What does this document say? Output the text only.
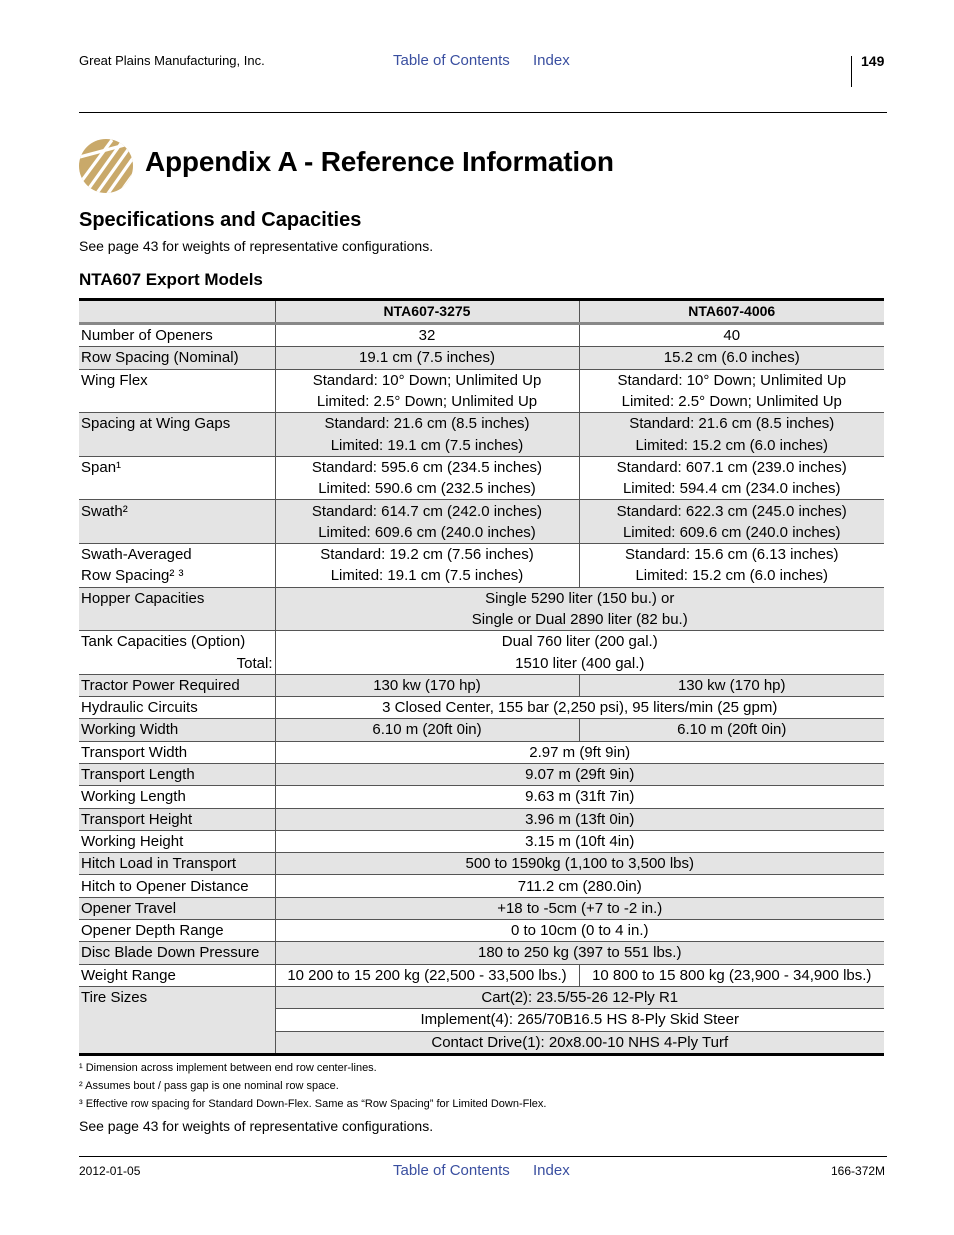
Great Plains Manufacturing, Inc.	Table of Contents Index	149
Appendix A - Reference Information
Specifications and Capacities
See page 43 for weights of representative configurations.
NTA607 Export Models
	NTA607-3275	NTA607-4006
Number of Openers	32	40
Row Spacing (Nominal)	19.1 cm (7.5 inches)	15.2 cm (6.0 inches)
Wing Flex	Standard: 10° Down; Unlimited Up	Standard: 10° Down; Unlimited Up
	Limited: 2.5° Down; Unlimited Up	Limited: 2.5° Down; Unlimited Up
Spacing at Wing Gaps	Standard: 21.6 cm (8.5 inches)	Standard: 21.6 cm (8.5 inches)
	Limited: 19.1 cm (7.5 inches)	Limited: 15.2 cm (6.0 inches)
Span¹	Standard: 595.6 cm (234.5 inches)	Standard: 607.1 cm (239.0 inches)
	Limited: 590.6 cm (232.5 inches)	Limited: 594.4 cm (234.0 inches)
Swath²	Standard: 614.7 cm (242.0 inches)	Standard: 622.3 cm (245.0 inches)
	Limited: 609.6 cm (240.0 inches)	Limited: 609.6 cm (240.0 inches)
Swath-Averaged	Standard: 19.2 cm (7.56 inches)	Standard: 15.6 cm (6.13 inches)
Row Spacing² ³	Limited: 19.1 cm (7.5 inches)	Limited: 15.2 cm (6.0 inches)
Hopper Capacities	Single 5290 liter (150 bu.) or	
	Single or Dual 2890 liter (82 bu.)	
Tank Capacities (Option)	Dual 760 liter (200 gal.)	
Total:	1510 liter (400 gal.)	
Tractor Power Required	130 kw (170 hp)	130 kw (170 hp)
Hydraulic Circuits	3 Closed Center, 155 bar (2,250 psi), 95 liters/min (25 gpm)	
Working Width	6.10 m (20ft 0in)	6.10 m (20ft 0in)
Transport Width	2.97 m (9ft 9in)	
Transport Length	9.07 m (29ft 9in)	
Working Length	9.63 m (31ft 7in)	
Transport Height	3.96 m (13ft 0in)	
Working Height	3.15 m (10ft 4in)	
Hitch Load in Transport	500 to 1590kg (1,100 to 3,500 lbs)	
Hitch to Opener Distance	711.2 cm (280.0in)	
Opener Travel	+18 to -5cm (+7 to -2 in.)	
Opener Depth Range	0 to 10cm (0 to 4 in.)	
Disc Blade Down Pressure	180 to 250 kg (397 to 551 lbs.)	
Weight Range	10 200 to 15 200 kg (22,500 - 33,500 lbs.)	10 800 to 15 800 kg (23,900 - 34,900 lbs.)
Tire Sizes	Cart(2): 23.5/55-26 12-Ply R1	
	Implement(4): 265/70B16.5 HS 8-Ply Skid Steer	
	Contact Drive(1): 20x8.00-10 NHS 4-Ply Turf	
¹ Dimension across implement between end row center-lines.
² Assumes bout / pass gap is one nominal row space.
³ Effective row spacing for Standard Down-Flex. Same as “Row Spacing” for Limited Down-Flex.
See page 43 for weights of representative configurations.
2012-01-05	Table of Contents Index	166-372M
